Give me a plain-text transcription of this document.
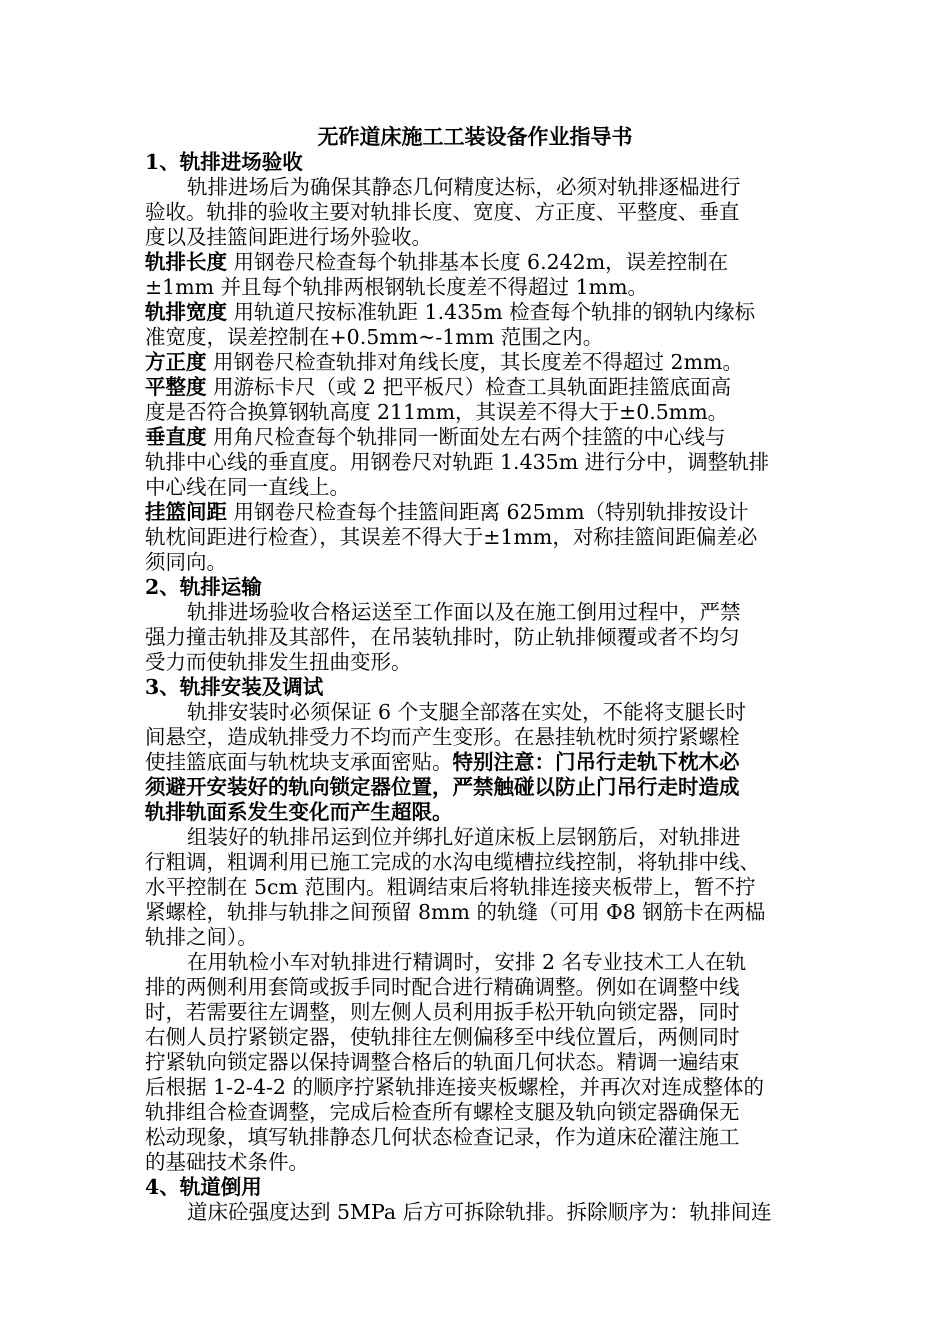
无砟道床施工工装设备作业指导书
1、轨排进场验收
轨排进场后为确保其静态几何精度达标，必须对轨排逐榀进行
验收。轨排的验收主要对轨排长度、宽度、方正度、平整度、垂直
度以及挂篮间距进行场外验收。
轨排长度 用钢卷尺检查每个轨排基本长度 6.242m，误差控制在
±1mm 并且每个轨排两根钢轨长度差不得超过 1mm。
轨排宽度 用轨道尺按标准轨距 1.435m 检查每个轨排的钢轨内缘标
准宽度，误差控制在+0.5mm~-1mm 范围之内。
方正度 用钢卷尺检查轨排对角线长度，其长度差不得超过 2mm。
平整度 用游标卡尺（或 2 把平板尺）检查工具轨面距挂篮底面高
度是否符合换算钢轨高度 211mm，其误差不得大于±0.5mm。
垂直度 用角尺检查每个轨排同一断面处左右两个挂篮的中心线与
轨排中心线的垂直度。用钢卷尺对轨距 1.435m 进行分中，调整轨排
中心线在同一直线上。
挂篮间距 用钢卷尺检查每个挂篮间距离 625mm（特别轨排按设计
轨枕间距进行检查），其误差不得大于±1mm，对称挂篮间距偏差必
须同向。
2、轨排运输
轨排进场验收合格运送至工作面以及在施工倒用过程中，严禁
强力撞击轨排及其部件，在吊装轨排时，防止轨排倾覆或者不均匀
受力而使轨排发生扭曲变形。
3、轨排安装及调试
轨排安装时必须保证 6 个支腿全部落在实处，不能将支腿长时
间悬空，造成轨排受力不均而产生变形。在悬挂轨枕时须拧紧螺栓
使挂篮底面与轨枕块支承面密贴。特别注意：门吊行走轨下枕木必
须避开安装好的轨向锁定器位置，严禁触碰以防止门吊行走时造成
轨排轨面系发生变化而产生超限。
组装好的轨排吊运到位并绑扎好道床板上层钢筋后，对轨排进
行粗调，粗调利用已施工完成的水沟电缆槽拉线控制，将轨排中线、
水平控制在 5cm 范围内。粗调结束后将轨排连接夹板带上，暂不拧
紧螺栓，轨排与轨排之间预留 8mm 的轨缝（可用 Φ8 钢筋卡在两榀
轨排之间）。
在用轨检小车对轨排进行精调时，安排 2 名专业技术工人在轨
排的两侧利用套筒或扳手同时配合进行精确调整。例如在调整中线
时，若需要往左调整，则左侧人员利用扳手松开轨向锁定器，同时
右侧人员拧紧锁定器，使轨排往左侧偏移至中线位置后，两侧同时
拧紧轨向锁定器以保持调整合格后的轨面几何状态。精调一遍结束
后根据 1-2-4-2 的顺序拧紧轨排连接夹板螺栓，并再次对连成整体的
轨排组合检查调整，完成后检查所有螺栓支腿及轨向锁定器确保无
松动现象，填写轨排静态几何状态检查记录，作为道床砼灌注施工
的基础技术条件。
4、轨道倒用
道床砼强度达到 5MPa 后方可拆除轨排。拆除顺序为：轨排间连
